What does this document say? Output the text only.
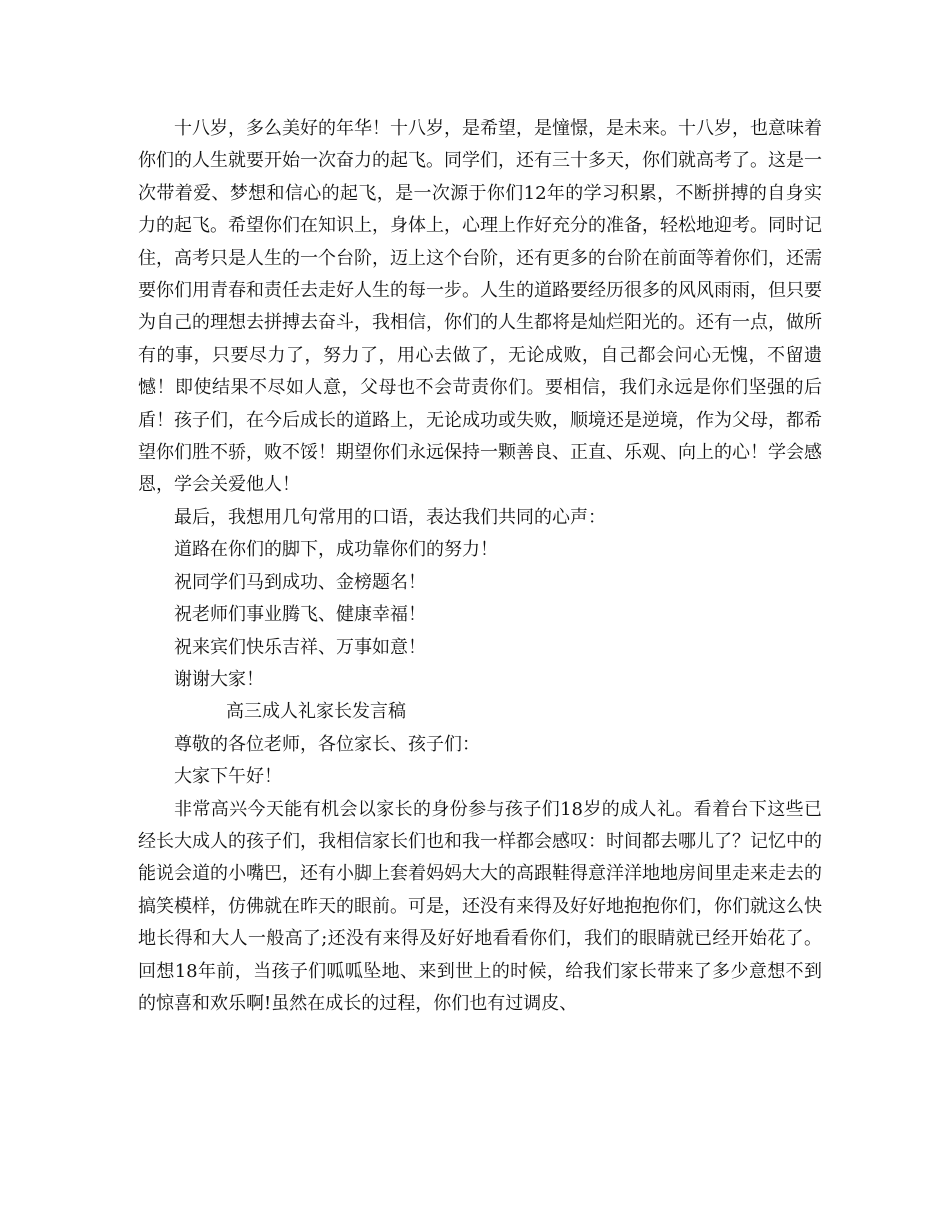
十八岁，多么美好的年华！十八岁，是希望，是憧憬，是未来。十八岁，也意味着你们的人生就要开始一次奋力的起飞。同学们，还有三十多天，你们就高考了。这是一次带着爱、梦想和信心的起飞，是一次源于你们12年的学习积累，不断拼搏的自身实力的起飞。希望你们在知识上，身体上，心理上作好充分的准备，轻松地迎考。同时记住，高考只是人生的一个台阶，迈上这个台阶，还有更多的台阶在前面等着你们，还需要你们用青春和责任去走好人生的每一步。人生的道路要经历很多的风风雨雨，但只要为自己的理想去拼搏去奋斗，我相信，你们的人生都将是灿烂阳光的。还有一点，做所有的事，只要尽力了，努力了，用心去做了，无论成败，自己都会问心无愧，不留遗憾！即使结果不尽如人意，父母也不会苛责你们。要相信，我们永远是你们坚强的后盾！孩子们，在今后成长的道路上，无论成功或失败，顺境还是逆境，作为父母，都希望你们胜不骄，败不馁！期望你们永远保持一颗善良、正直、乐观、向上的心！学会感恩，学会关爱他人！

最后，我想用几句常用的口语，表达我们共同的心声：

道路在你们的脚下，成功靠你们的努力！

祝同学们马到成功、金榜题名！

祝老师们事业腾飞、健康幸福！

祝来宾们快乐吉祥、万事如意！

谢谢大家！

高三成人礼家长发言稿

尊敬的各位老师，各位家长、孩子们：

大家下午好！

非常高兴今天能有机会以家长的身份参与孩子们18岁的成人礼。看着台下这些已经长大成人的孩子们，我相信家长们也和我一样都会感叹：时间都去哪儿了？记忆中的能说会道的小嘴巴，还有小脚上套着妈妈大大的高跟鞋得意洋洋地地房间里走来走去的搞笑模样，仿佛就在昨天的眼前。可是，还没有来得及好好地抱抱你们，你们就这么快地长得和大人一般高了;还没有来得及好好地看看你们，我们的眼睛就已经开始花了。回想18年前，当孩子们呱呱坠地、来到世上的时候，给我们家长带来了多少意想不到的惊喜和欢乐啊!虽然在成长的过程，你们也有过调皮、
